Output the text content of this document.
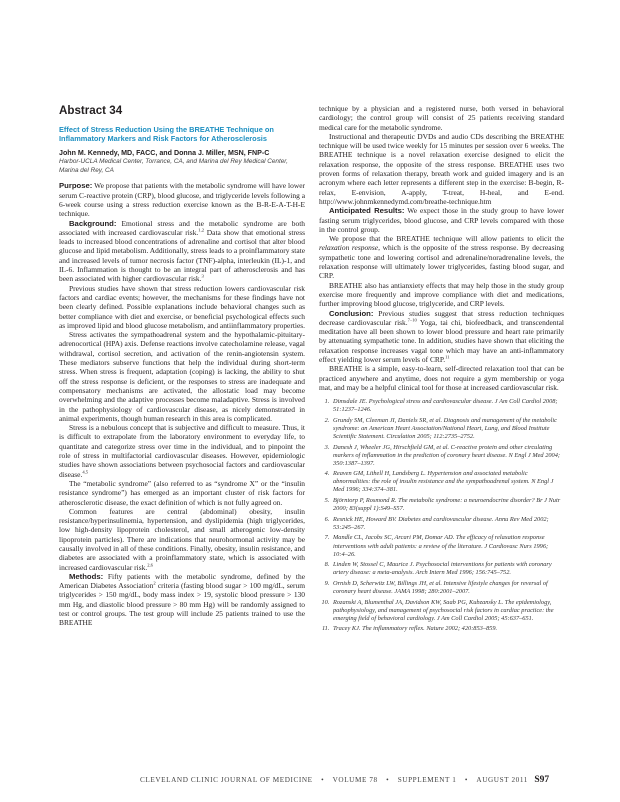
Abstract 34
Effect of Stress Reduction Using the BREATHE Technique on Inflammatory Markers and Risk Factors for Atherosclerosis

John M. Kennedy, MD, FACC, and Donna J. Miller, MSN, FNP-C

Harbor-UCLA Medical Center, Torrance, CA, and Marina del Rey Medical Center, Marina del Rey, CA

Purpose: We propose that patients with the metabolic syndrome will have lower serum C-reactive protein (CRP), blood glucose, and triglyceride levels following a 6-week course using a stress reduction exercise known as the B-R-E-A-T-H-E technique.

Background: Emotional stress and the metabolic syndrome are both associated with increased cardiovascular risk.$^{1,2}$ Data show that emotional stress leads to increased blood concentrations of adrenaline and cortisol that alter blood glucose and lipid metabolism. Additionally, stress leads to a proinflammatory state and increased levels of tumor necrosis factor (TNF)-alpha, interleukin (IL)-1, and IL-6. Inflammation is thought to be an integral part of atherosclerosis and has been associated with higher cardiovascular risk.$^3$

Previous studies have shown that stress reduction lowers cardiovascular risk factors and cardiac events; however, the mechanisms for these findings have not been clearly defined. Possible explanations include behavioral changes such as better compliance with diet and exercise, or beneficial psychological effects such as improved lipid and blood glucose metabolism, and antiinflammatory properties.

Stress activates the sympathoadrenal system and the hypothalamic-pituitary-adrenocortical (HPA) axis. Defense reactions involve catecholamine release, vagal withdrawal, cortisol secretion, and activation of the renin-angiotensin system. These mediators subserve functions that help the individual during short-term stress. When stress is frequent, adaptation (coping) is lacking, the ability to shut off the stress response is deficient, or the responses to stress are inadequate and compensatory mechanisms are activated, the allostatic load may become overwhelming and the adaptive processes become maladaptive. Stress is involved in the pathophysiology of cardiovascular disease, as nicely demonstrated in animal experiments, though human research in this area is complicated.

Stress is a nebulous concept that is subjective and difficult to measure. Thus, it is difficult to extrapolate from the laboratory environment to everyday life, to quantitate and categorize stress over time in the individual, and to pinpoint the role of stress in multifactorial cardiovascular diseases. However, epidemiologic studies have shown associations between psychosocial factors and cardiovascular disease.$^{4,5}$

The “metabolic syndrome” (also referred to as “syndrome X” or the “insulin resistance syndrome”) has emerged as an important cluster of risk factors for atherosclerotic disease, the exact definition of which is not fully agreed on.

Common features are central (abdominal) obesity, insulin resistance/hyperinsulinemia, hypertension, and dyslipidemia (high triglycerides, low high-density lipoprotein cholesterol, and small atherogenic low-density lipoprotein particles). There are indications that neurohormonal activity may be causally involved in all of these conditions. Finally, obesity, insulin resistance, and diabetes are associated with a proinflammatory state, which is associated with increased cardiovascular risk.$^{2,6}$

Methods: Fifty patients with the metabolic syndrome, defined by the American Diabetes Association$^2$ criteria (fasting blood sugar > 100 mg/dL, serum triglycerides > 150 mg/dL, body mass index > 19, systolic blood pressure > 130 mm Hg, and diastolic blood pressure > 80 mm Hg) will be randomly assigned to test or control groups. The test group will include 25 patients trained to use the BREATHE

technique by a physician and a registered nurse, both versed in behavioral cardiology; the control group will consist of 25 patients receiving standard medical care for the metabolic syndrome.

Instructional and therapeutic DVDs and audio CDs describing the BREATHE technique will be used twice weekly for 15 minutes per session over 6 weeks. The BREATHE technique is a novel relaxation exercise designed to elicit the relaxation response, the opposite of the stress response. BREATHE uses two proven forms of relaxation therapy, breath work and guided imagery and is an acronym where each letter represents a different step in the exercise: B-begin, R-relax, E-envision, A-apply, T-treat, H-heal, and E-end. http://www.johnmkennedymd.com/breathe-technique.htm

Anticipated Results: We expect those in the study group to have lower fasting serum triglycerides, blood glucose, and CRP levels compared with those in the control group.

We propose that the BREATHE technique will allow patients to elicit the relaxation response, which is the opposite of the stress response. By decreasing sympathetic tone and lowering cortisol and adrenaline/noradrenaline levels, the relaxation response will ultimately lower triglycerides, fasting blood sugar, and CRP.

BREATHE also has antianxiety effects that may help those in the study group exercise more frequently and improve compliance with diet and medications, further improving blood glucose, triglyceride, and CRP levels.

Conclusion: Previous studies suggest that stress reduction techniques decrease cardiovascular risk.$^{7-10}$ Yoga, tai chi, biofeedback, and transcendental meditation have all been shown to lower blood pressure and heart rate primarily by attenuating sympathetic tone. In addition, studies have shown that eliciting the relaxation response increases vagal tone which may have an anti-inflammatory effect yielding lower serum levels of CRP.$^{11}$

BREATHE is a simple, easy-to-learn, self-directed relaxation tool that can be practiced anywhere and anytime, does not require a gym membership or yoga mat, and may be a helpful clinical tool for those at increased cardiovascular risk.

1. Dimsdale JE. Psychological stress and cardiovascular disease. J Am Coll Cardiol 2008; 51:1237–1246.
2. Grundy SM, Cleeman JI, Daniels SR, et al. Diagnosis and management of the metabolic syndrome: an American Heart Association/National Heart, Lung, and Blood Institute Scientific Statement. Circulation 2005; 112:2735–2752.
3. Danesh J, Wheeler JG, Hirschfield GM, et al. C-reactive protein and other circulating markers of inflammation in the prediction of coronary heart disease. N Engl J Med 2004; 350:1387–1397.
4. Reaven GM, Lithell H, Landsberg L. Hypertension and associated metabolic abnormalities: the role of insulin resistance and the sympathoadrenal system. N Engl J Med 1996; 334:374–381.
5. Björntorp P, Rosmond R. The metabolic syndrome: a neuroendocrine disorder? Br J Nutr 2000; 83(suppl 1):S49–S57.
6. Resnick HE, Howard BV. Diabetes and cardiovascular disease. Annu Rev Med 2002; 53:245–267.
7. Mandle CL, Jacobs SC, Arcari PM, Domar AD. The efficacy of relaxation response interventions with adult patients: a review of the literature. J Cardiovasc Nurs 1996; 10:4–26.
8. Linden W, Stossel C, Maurice J. Psychosocial interventions for patients with coronary artery disease: a meta-analysis. Arch Intern Med 1996; 156:745–752.
9. Ornish D, Scherwitz LW, Billings JH, et al. Intensive lifestyle changes for reversal of coronary heart disease. JAMA 1998; 280:2001–2007.
10. Rozanski A, Blumenthal JA, Davidson KW, Saab PG, Kubzansky L. The epidemiology, pathophysiology, and management of psychosocial risk factors in cardiac practice: the emerging field of behavioral cardiology. J Am Coll Cardiol 2005; 45:637–651.
11. Tracey KJ. The inflammatory reflex. Nature 2002; 420:853–859.
CLEVELAND CLINIC JOURNAL OF MEDICINE • VOLUME 78 • SUPPLEMENT 1 • AUGUST 2011 S97
